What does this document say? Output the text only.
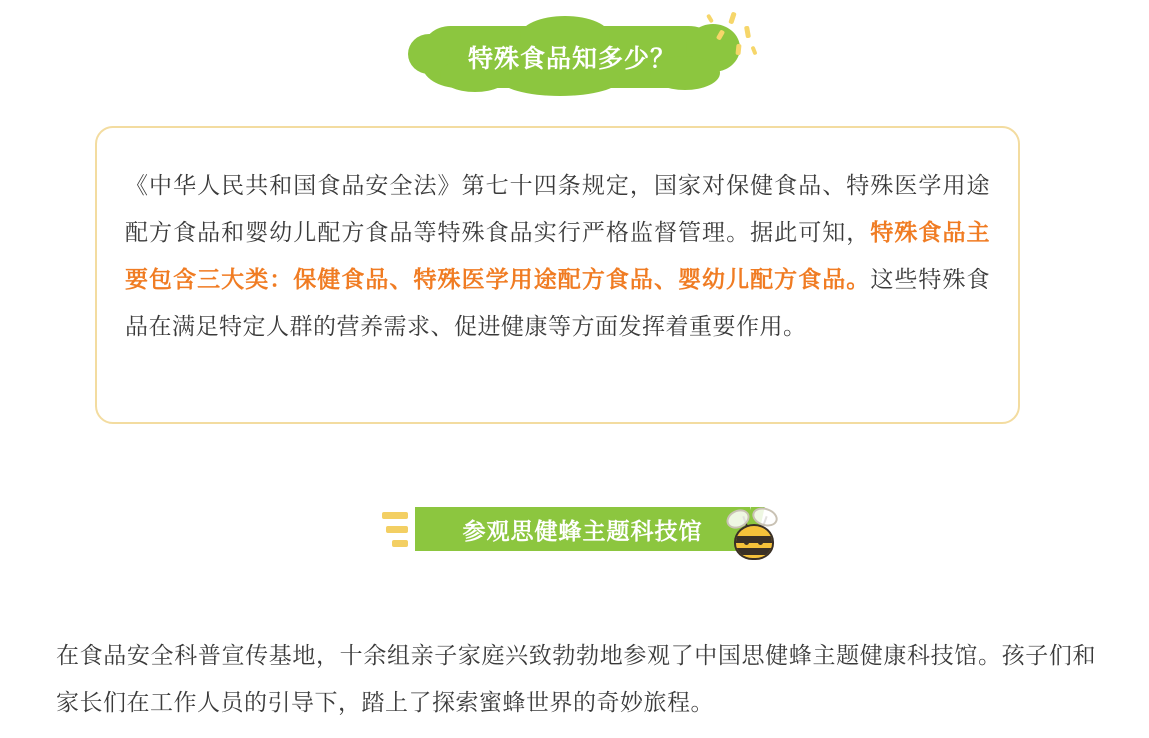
特殊食品知多少？
《中华人民共和国食品安全法》第七十四条规定，国家对保健食品、特殊医学用途配方食品和婴幼儿配方食品等特殊食品实行严格监督管理。据此可知，特殊食品主要包含三大类：保健食品、特殊医学用途配方食品、婴幼儿配方食品。这些特殊食品在满足特定人群的营养需求、促进健康等方面发挥着重要作用。
参观思健蜂主题科技馆
在食品安全科普宣传基地，十余组亲子家庭兴致勃勃地参观了中国思健蜂主题健康科技馆。孩子们和家长们在工作人员的引导下，踏上了探索蜜蜂世界的奇妙旅程。
